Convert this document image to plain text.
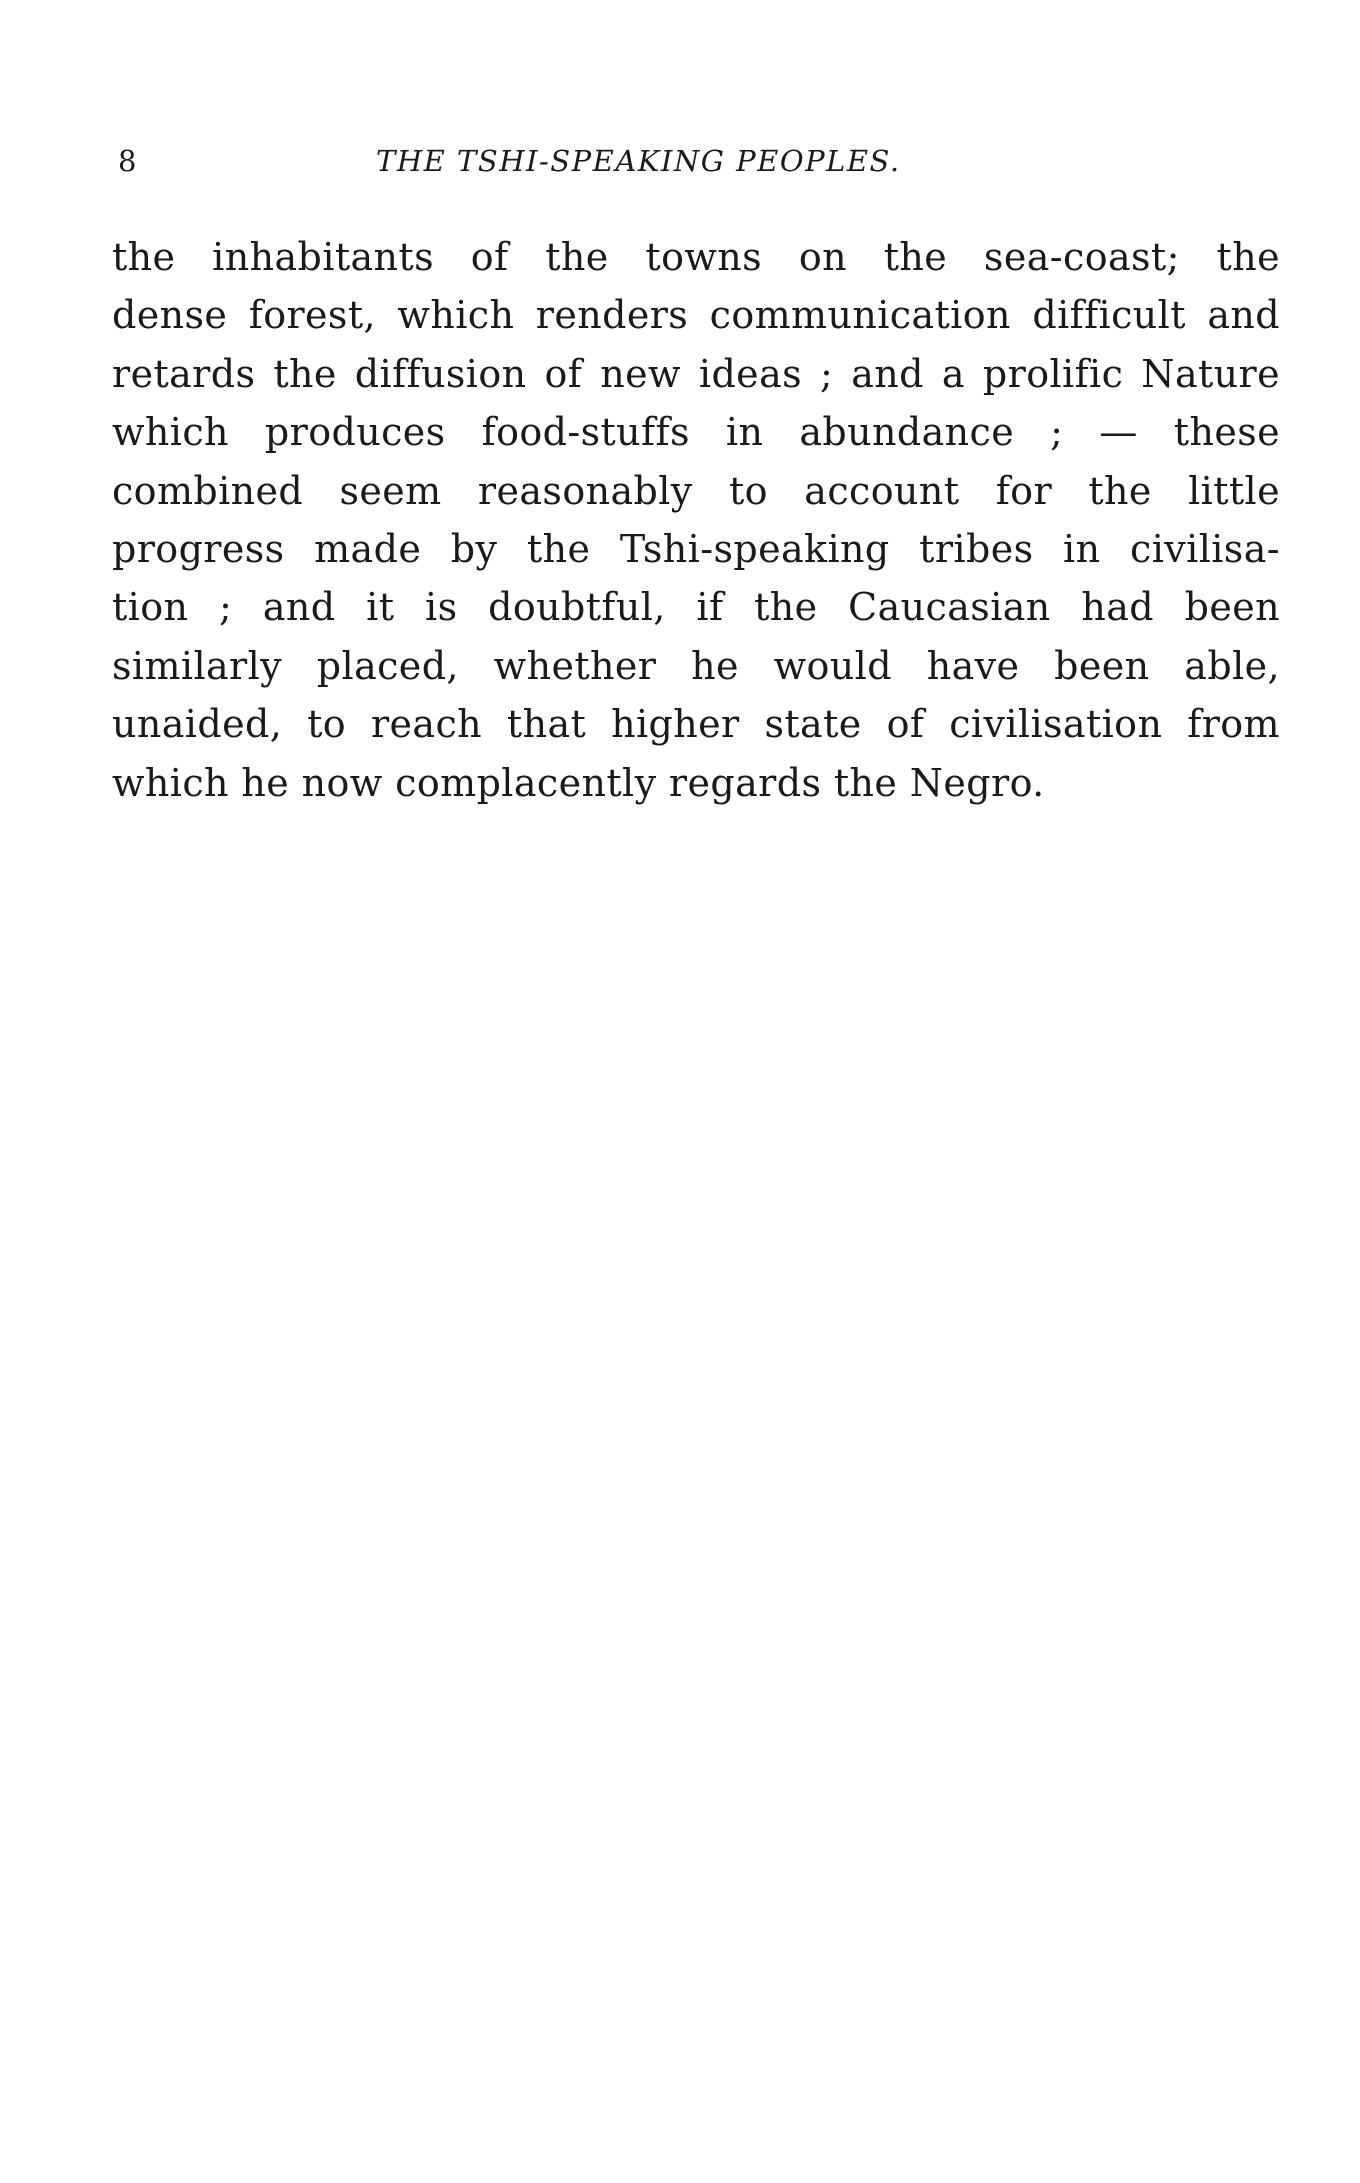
8	THE TSHI-SPEAKING PEOPLES.
the inhabitants of the towns on the sea-coast; the
dense forest, which renders communication difficult and
retards the diffusion of new ideas ; and a prolific Nature
which produces food-stuffs in abundance ; — these
combined seem reasonably to account for the little
progress made by the Tshi-speaking tribes in civilisa-
tion ; and it is doubtful, if the Caucasian had been
similarly placed, whether he would have been able,
unaided, to reach that higher state of civilisation from
which he now complacently regards the Negro.
